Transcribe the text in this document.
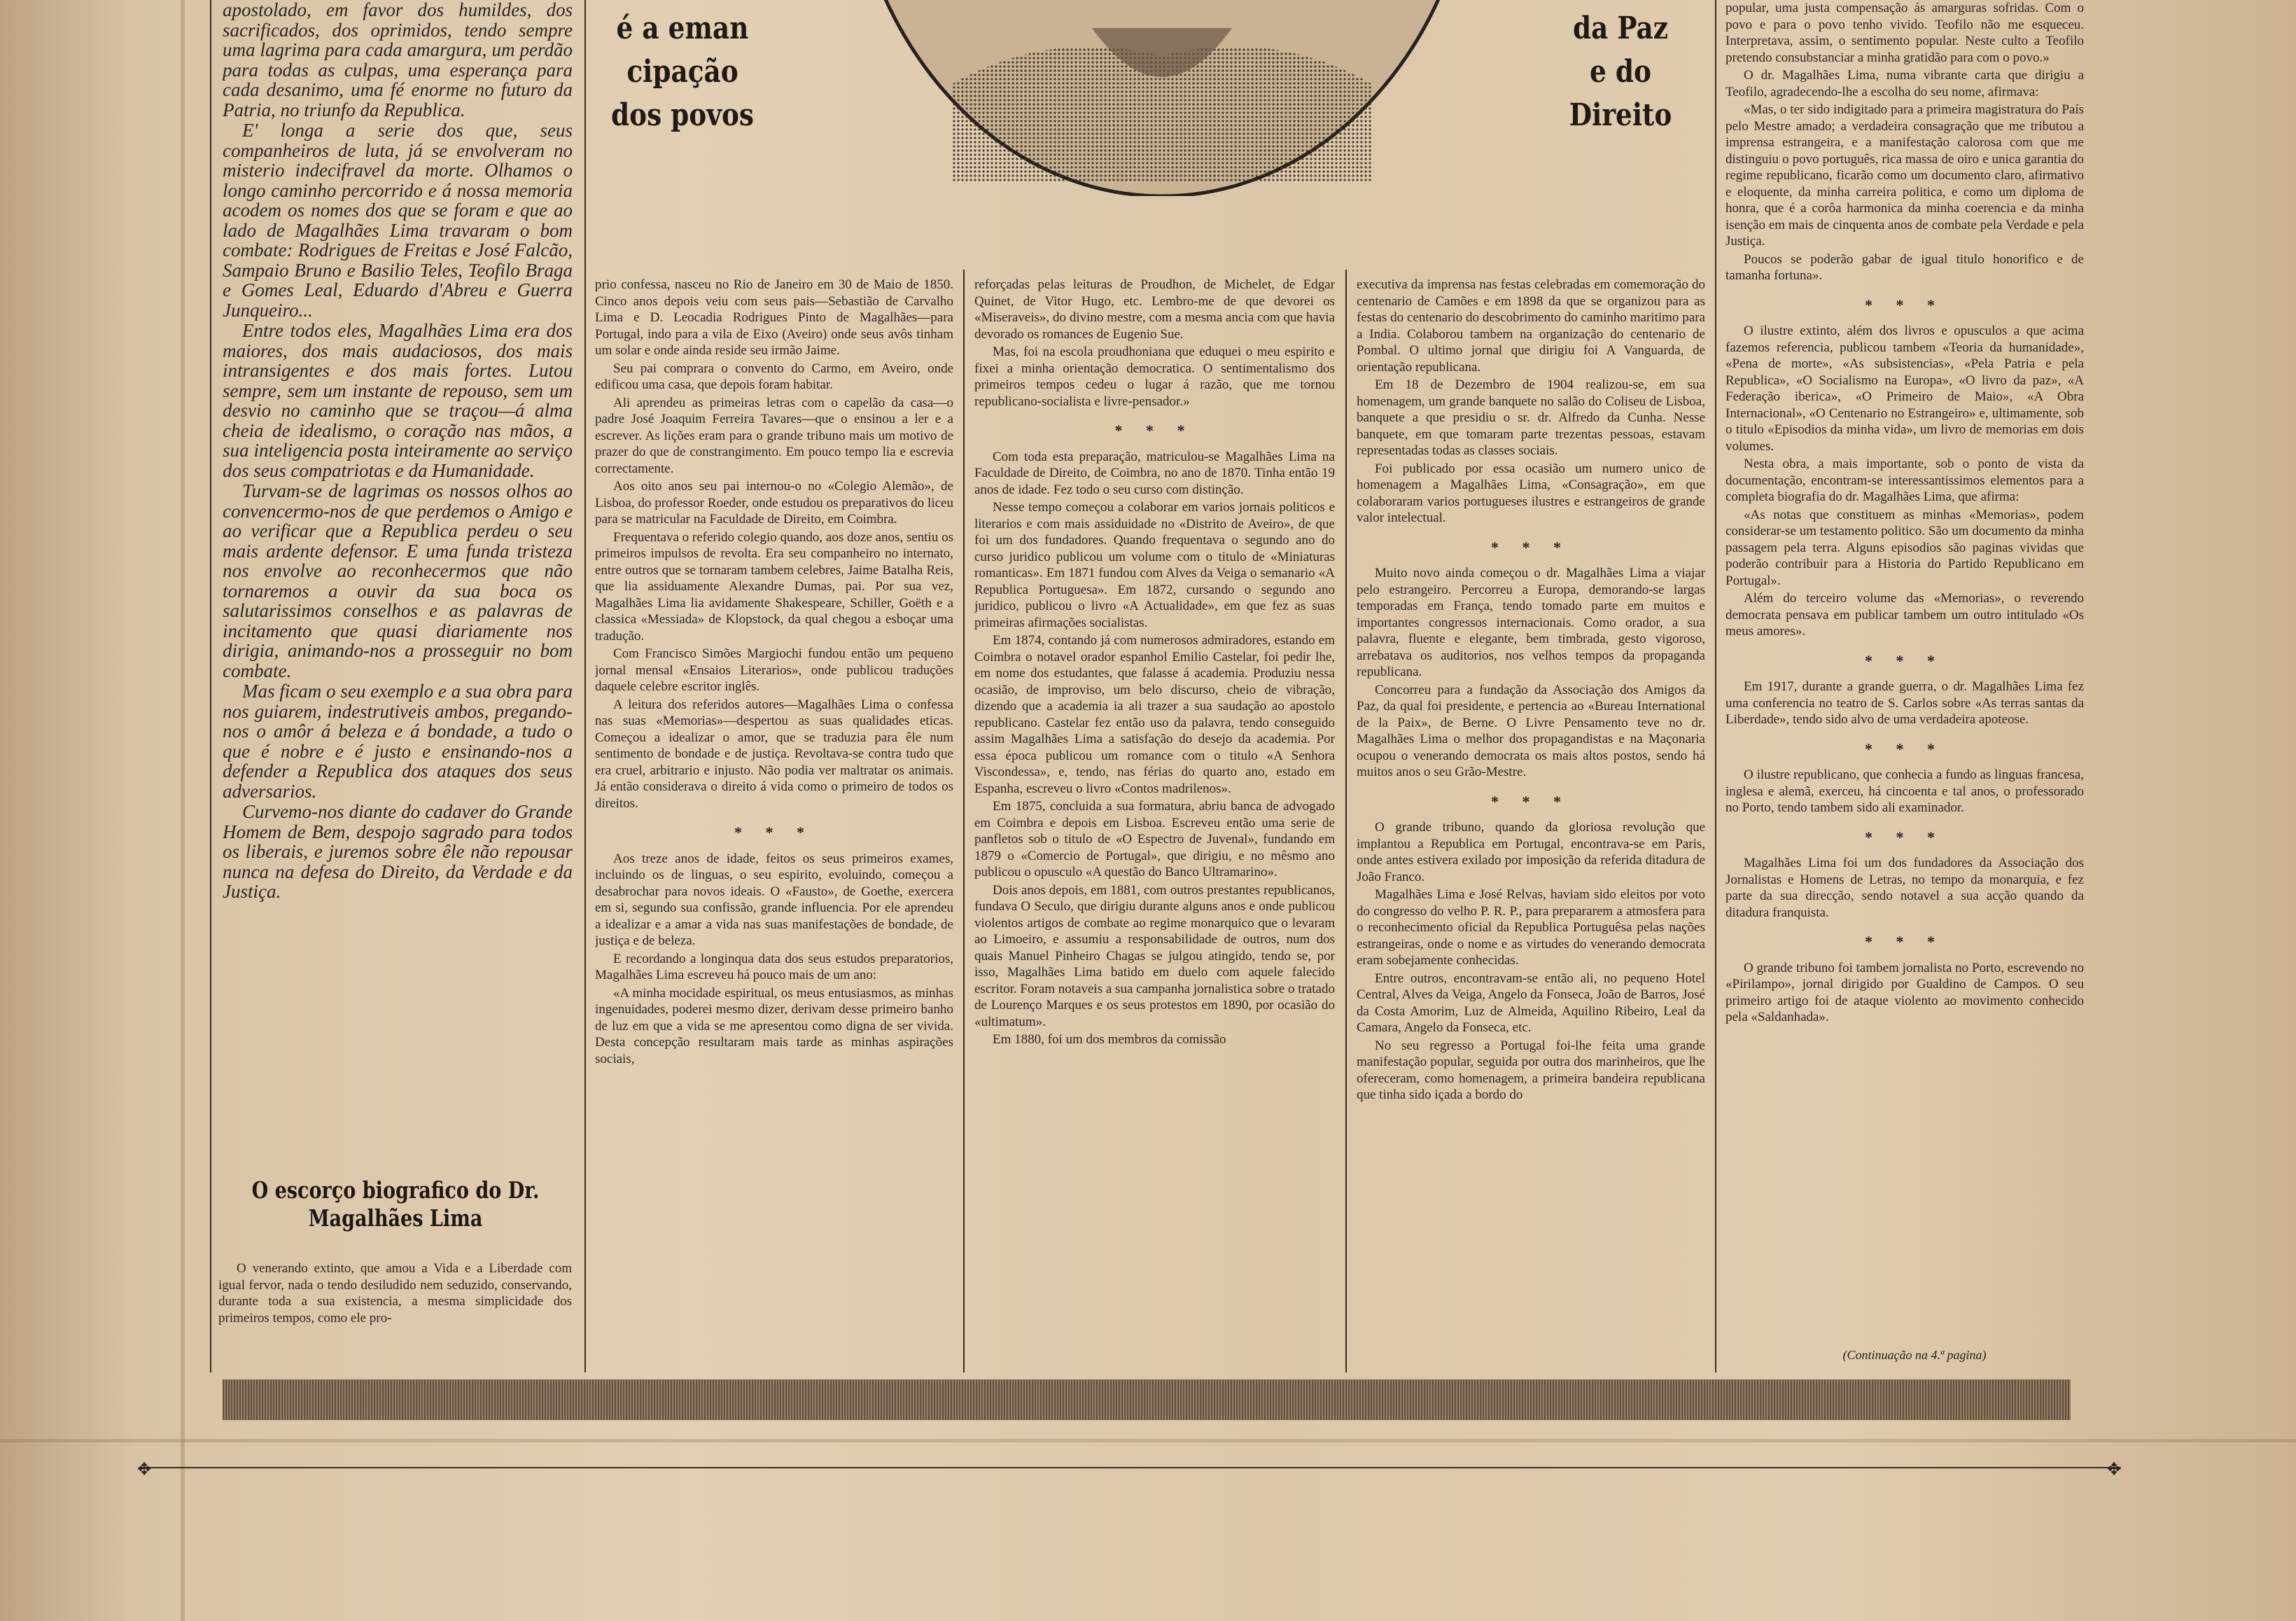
é a eman
cipação
dos povos
da Paz
e do
Direito

apostolado, em favor dos humildes, dos sacrificados, dos oprimidos, tendo sempre uma lagrima para cada amargura, um perdão para todas as culpas, uma esperança para cada desanimo, uma fé enorme no futuro da Patria, no triunfo da Republica.

E' longa a serie dos que, seus companheiros de luta, já se envolveram no misterio indecifravel da morte. Olhamos o longo caminho percorrido e á nossa memoria acodem os nomes dos que se foram e que ao lado de Magalhães Lima travaram o bom combate: Rodrigues de Freitas e José Falcão, Sampaio Bruno e Basilio Teles, Teofilo Braga e Gomes Leal, Eduardo d'Abreu e Guerra Junqueiro...

Entre todos eles, Magalhães Lima era dos maiores, dos mais audaciosos, dos mais intransigentes e dos mais fortes. Lutou sempre, sem um instante de repouso, sem um desvio no caminho que se traçou—á alma cheia de idealismo, o coração nas mãos, a sua inteligencia posta inteiramente ao serviço dos seus compatriotas e da Humanidade.

Turvam-se de lagrimas os nossos olhos ao convencermo-nos de que perdemos o Amigo e ao verificar que a Republica perdeu o seu mais ardente defensor. E uma funda tristeza nos envolve ao reconhecermos que não tornaremos a ouvir da sua boca os salutarissimos conselhos e as palavras de incitamento que quasi diariamente nos dirigia, animando-nos a prosseguir no bom combate.

Mas ficam o seu exemplo e a sua obra para nos guiarem, indestrutiveis ambos, pregando-nos o amôr á beleza e á bondade, a tudo o que é nobre e é justo e ensinando-nos a defender a Republica dos ataques dos seus adversarios.

Curvemo-nos diante do cadaver do Grande Homem de Bem, despojo sagrado para todos os liberais, e juremos sobre êle não repousar nunca na defesa do Direito, da Verdade e da Justiça.

O escorço biografico do Dr. Magalhães Lima

O venerando extinto, que amou a Vida e a Liberdade com igual fervor, nada o tendo desiludido nem seduzido, conservando, durante toda a sua existencia, a mesma simplicidade dos primeiros tempos, como ele pro-

prio confessa, nasceu no Rio de Janeiro em 30 de Maio de 1850. Cinco anos depois veiu com seus pais—Sebastião de Carvalho Lima e D. Leocadia Rodrigues Pinto de Magalhães—para Portugal, indo para a vila de Eixo (Aveiro) onde seus avôs tinham um solar e onde ainda reside seu irmão Jaime.

Seu pai comprara o convento do Carmo, em Aveiro, onde edificou uma casa, que depois foram habitar.

Ali aprendeu as primeiras letras com o capelão da casa—o padre José Joaquim Ferreira Tavares—que o ensinou a ler e a escrever. As lições eram para o grande tribuno mais um motivo de prazer do que de constrangimento. Em pouco tempo lia e escrevia correctamente.

Aos oito anos seu pai internou-o no «Colegio Alemão», de Lisboa, do professor Roeder, onde estudou os preparativos do liceu para se matricular na Faculdade de Direito, em Coimbra.

Frequentava o referido colegio quando, aos doze anos, sentiu os primeiros impulsos de revolta. Era seu companheiro no internato, entre outros que se tornaram tambem celebres, Jaime Batalha Reis, que lia assiduamente Alexandre Dumas, pai. Por sua vez, Magalhães Lima lia avidamente Shakespeare, Schiller, Goëth e a classica «Messiada» de Klopstock, da qual chegou a esboçar uma tradução.

Com Francisco Simões Margiochi fundou então um pequeno jornal mensal «Ensaios Literarios», onde publicou traduções daquele celebre escritor inglês.

A leitura dos referidos autores—Magalhães Lima o confessa nas suas «Memorias»—despertou as suas qualidades eticas. Começou a idealizar o amor, que se traduzia para êle num sentimento de bondade e de justiça. Revoltava-se contra tudo que era cruel, arbitrario e injusto. Não podia ver maltratar os animais. Já então considerava o direito á vida como o primeiro de todos os direitos.

* * *

Aos treze anos de idade, feitos os seus primeiros exames, incluindo os de linguas, o seu espirito, evoluindo, começou a desabrochar para novos ideais. O «Fausto», de Goethe, exercera em si, segundo sua confissão, grande influencia. Por ele aprendeu a idealizar e a amar a vida nas suas manifestações de bondade, de justiça e de beleza.

E recordando a longinqua data dos seus estudos preparatorios, Magalhães Lima escreveu há pouco mais de um ano:

«A minha mocidade espiritual, os meus entusiasmos, as minhas ingenuidades, poderei mesmo dizer, derivam desse primeiro banho de luz em que a vida se me apresentou como digna de ser vivida. Desta concepção resultaram mais tarde as minhas aspirações sociais,

reforçadas pelas leituras de Proudhon, de Michelet, de Edgar Quinet, de Vitor Hugo, etc. Lembro-me de que devorei os «Miseraveis», do divino mestre, com a mesma ancia com que havia devorado os romances de Eugenio Sue.

Mas, foi na escola proudhoniana que eduquei o meu espirito e fixei a minha orientação democratica. O sentimentalismo dos primeiros tempos cedeu o lugar á razão, que me tornou republicano-socialista e livre-pensador.»

* * *

Com toda esta preparação, matriculou-se Magalhães Lima na Faculdade de Direito, de Coimbra, no ano de 1870. Tinha então 19 anos de idade. Fez todo o seu curso com distinção.

Nesse tempo começou a colaborar em varios jornais politicos e literarios e com mais assiduidade no «Distrito de Aveiro», de que foi um dos fundadores. Quando frequentava o segundo ano do curso juridico publicou um volume com o titulo de «Miniaturas romanticas». Em 1871 fundou com Alves da Veiga o semanario «A Republica Portuguesa». Em 1872, cursando o segundo ano juridico, publicou o livro «A Actualidade», em que fez as suas primeiras afirmações socialistas.

Em 1874, contando já com numerosos admiradores, estando em Coimbra o notavel orador espanhol Emilio Castelar, foi pedir lhe, em nome dos estudantes, que falasse á academia. Produziu nessa ocasião, de improviso, um belo discurso, cheio de vibração, dizendo que a academia ia ali trazer a sua saudação ao apostolo republicano. Castelar fez então uso da palavra, tendo conseguido assim Magalhães Lima a satisfação do desejo da academia. Por essa época publicou um romance com o titulo «A Senhora Viscondessa», e, tendo, nas férias do quarto ano, estado em Espanha, escreveu o livro «Contos madrilenos».

Em 1875, concluida a sua formatura, abriu banca de advogado em Coimbra e depois em Lisboa. Escreveu então uma serie de panfletos sob o titulo de «O Espectro de Juvenal», fundando em 1879 o «Comercio de Portugal», que dirigiu, e no mêsmo ano publicou o opusculo «A questão do Banco Ultramarino».

Dois anos depois, em 1881, com outros prestantes republicanos, fundava O Seculo, que dirigiu durante alguns anos e onde publicou violentos artigos de combate ao regime monarquico que o levaram ao Limoeiro, e assumiu a responsabilidade de outros, num dos quais Manuel Pinheiro Chagas se julgou atingido, tendo se, por isso, Magalhães Lima batido em duelo com aquele falecido escritor. Foram notaveis a sua campanha jornalistica sobre o tratado de Lourenço Marques e os seus protestos em 1890, por ocasião do «ultimatum».

Em 1880, foi um dos membros da comissão

executiva da imprensa nas festas celebradas em comemoração do centenario de Camões e em 1898 da que se organizou para as festas do centenario do descobrimento do caminho maritimo para a India. Colaborou tambem na organização do centenario de Pombal. O ultimo jornal que dirigiu foi A Vanguarda, de orientação republicana.

Em 18 de Dezembro de 1904 realizou-se, em sua homenagem, um grande banquete no salão do Coliseu de Lisboa, banquete a que presidiu o sr. dr. Alfredo da Cunha. Nesse banquete, em que tomaram parte trezentas pessoas, estavam representadas todas as classes sociais.

Foi publicado por essa ocasião um numero unico de homenagem a Magalhães Lima, «Consagração», em que colaboraram varios portugueses ilustres e estrangeiros de grande valor intelectual.

* * *

Muito novo ainda começou o dr. Magalhães Lima a viajar pelo estrangeiro. Percorreu a Europa, demorando-se largas temporadas em França, tendo tomado parte em muitos e importantes congressos internacionais. Como orador, a sua palavra, fluente e elegante, bem timbrada, gesto vigoroso, arrebatava os auditorios, nos velhos tempos da propaganda republicana.

Concorreu para a fundação da Associação dos Amigos da Paz, da qual foi presidente, e pertencia ao «Bureau International de la Paix», de Berne. O Livre Pensamento teve no dr. Magalhães Lima o melhor dos propagandistas e na Maçonaria ocupou o venerando democrata os mais altos postos, sendo há muitos anos o seu Grão-Mestre.

* * *

O grande tribuno, quando da gloriosa revolução que implantou a Republica em Portugal, encontrava-se em Paris, onde antes estivera exilado por imposição da referida ditadura de João Franco.

Magalhães Lima e José Relvas, haviam sido eleitos por voto do congresso do velho P. R. P., para prepararem a atmosfera para o reconhecimento oficial da Republica Portuguêsa pelas nações estrangeiras, onde o nome e as virtudes do venerando democrata eram sobejamente conhecidas.

Entre outros, encontravam-se então ali, no pequeno Hotel Central, Alves da Veiga, Angelo da Fonseca, João de Barros, José da Costa Amorim, Luz de Almeida, Aquilino Ribeiro, Leal da Camara, Angelo da Fonseca, etc.

No seu regresso a Portugal foi-lhe feita uma grande manifestação popular, seguida por outra dos marinheiros, que lhe ofereceram, como homenagem, a primeira bandeira republicana que tinha sido içada a bordo do

popular, uma justa compensação ás amarguras sofridas. Com o povo e para o povo tenho vivido. Teofilo não me esqueceu. Interpretava, assim, o sentimento popular. Neste culto a Teofilo pretendo consubstanciar a minha gratidão para com o povo.»

O dr. Magalhães Lima, numa vibrante carta que dirigiu a Teofilo, agradecendo-lhe a escolha do seu nome, afirmava:

«Mas, o ter sido indigitado para a primeira magistratura do País pelo Mestre amado; a verdadeira consagração que me tributou a imprensa estrangeira, e a manifestação calorosa com que me distinguiu o povo português, rica massa de oiro e unica garantia do regime republicano, ficarão como um documento claro, afirmativo e eloquente, da minha carreira politica, e como um diploma de honra, que é a corôa harmonica da minha coerencia e da minha isenção em mais de cinquenta anos de combate pela Verdade e pela Justiça.

Poucos se poderão gabar de igual titulo honorifico e de tamanha fortuna».

* * *

O ilustre extinto, além dos livros e opusculos a que acima fazemos referencia, publicou tambem «Teoria da humanidade», «Pena de morte», «As subsistencias», «Pela Patria e pela Republica», «O Socialismo na Europa», «O livro da paz», «A Federação iberica», «O Primeiro de Maio», «A Obra Internacional», «O Centenario no Estrangeiro» e, ultimamente, sob o titulo «Episodios da minha vida», um livro de memorias em dois volumes.

Nesta obra, a mais importante, sob o ponto de vista da documentação, encontram-se interessantissimos elementos para a completa biografia do dr. Magalhães Lima, que afirma:

«As notas que constituem as minhas «Memorias», podem considerar-se um testamento politico. São um documento da minha passagem pela terra. Alguns episodios são paginas vividas que poderão contribuir para a Historia do Partido Republicano em Portugal».

Além do terceiro volume das «Memorias», o reverendo democrata pensava em publicar tambem um outro intitulado «Os meus amores».

* * *

Em 1917, durante a grande guerra, o dr. Magalhães Lima fez uma conferencia no teatro de S. Carlos sobre «As terras santas da Liberdade», tendo sido alvo de uma verdadeira apoteose.

* * *

O ilustre republicano, que conhecia a fundo as linguas francesa, inglesa e alemã, exerceu, há cincoenta e tal anos, o professorado no Porto, tendo tambem sido ali examinador.

* * *

Magalhães Lima foi um dos fundadores da Associação dos Jornalistas e Homens de Letras, no tempo da monarquia, e fez parte da sua direcção, sendo notavel a sua acção quando da ditadura franquista.

* * *

O grande tribuno foi tambem jornalista no Porto, escrevendo no «Pirilampo», jornal dirigido por Gualdino de Campos. O seu primeiro artigo foi de ataque violento ao movimento conhecido pela «Saldanhada».

(Continuação na 4.ª pagina)
✥	✥
